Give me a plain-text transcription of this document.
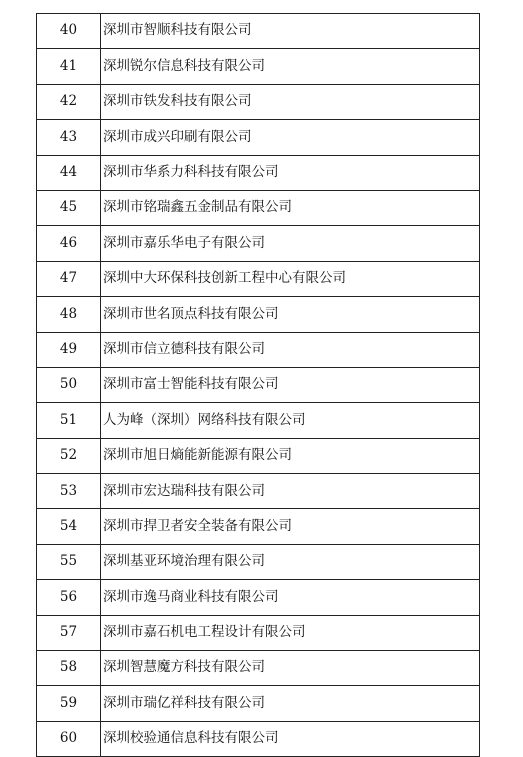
40	深圳市智顺科技有限公司
41	深圳锐尔信息科技有限公司
42	深圳市铁发科技有限公司
43	深圳市成兴印刷有限公司
44	深圳市华系力科科技有限公司
45	深圳市铭瑞鑫五金制品有限公司
46	深圳市嘉乐华电子有限公司
47	深圳中大环保科技创新工程中心有限公司
48	深圳市世名顶点科技有限公司
49	深圳市信立德科技有限公司
50	深圳市富士智能科技有限公司
51	人为峰（深圳）网络科技有限公司
52	深圳市旭日熵能新能源有限公司
53	深圳市宏达瑞科技有限公司
54	深圳市捍卫者安全装备有限公司
55	深圳基亚环境治理有限公司
56	深圳市逸马商业科技有限公司
57	深圳市嘉石机电工程设计有限公司
58	深圳智慧魔方科技有限公司
59	深圳市瑞亿祥科技有限公司
60	深圳校验通信息科技有限公司
